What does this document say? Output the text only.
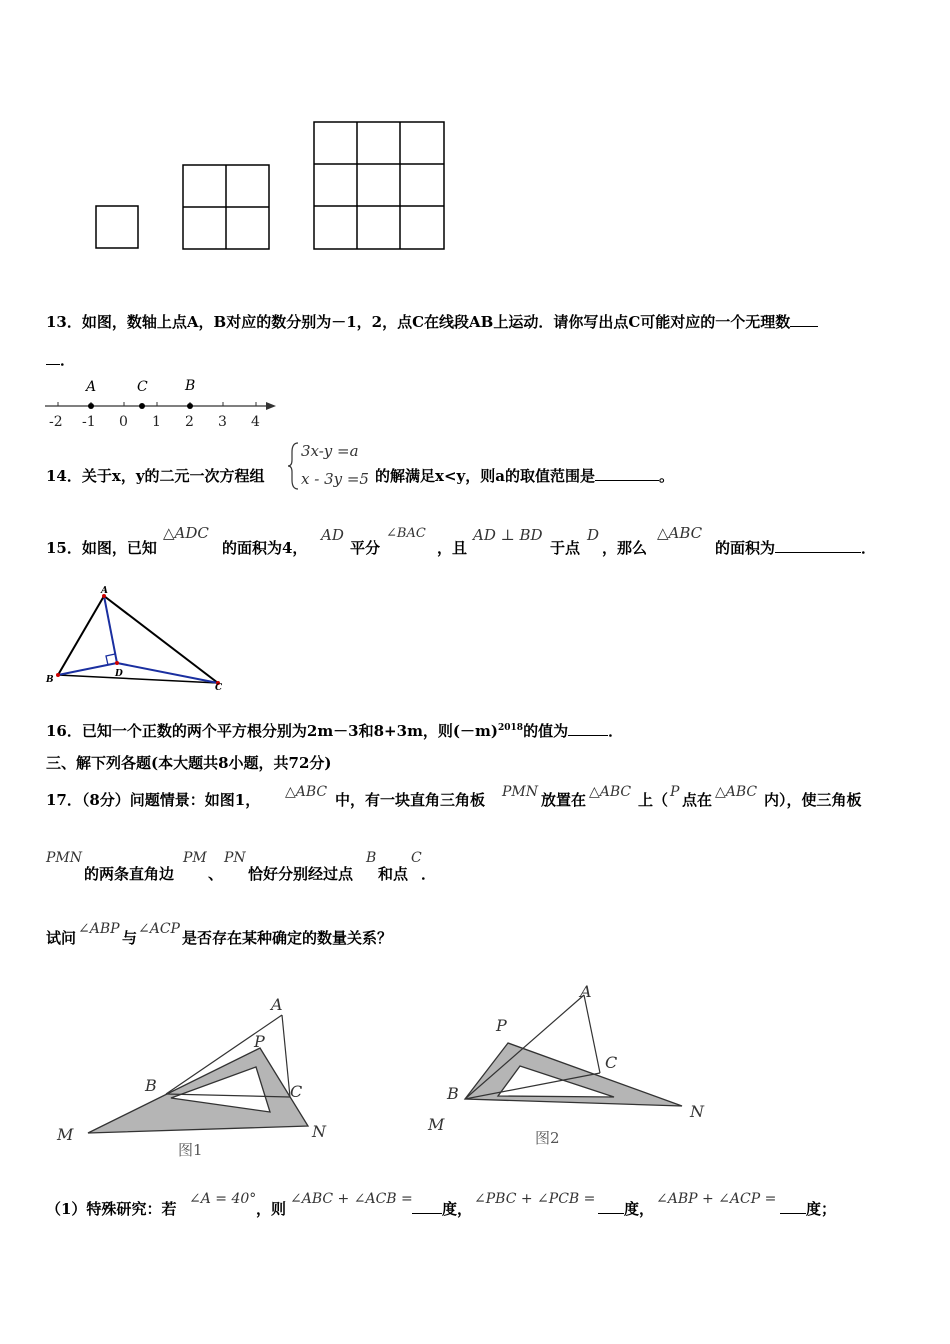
13．如图，数轴上点A，B对应的数分别为－1，2，点C在线段AB上运动．请你写出点C可能对应的一个无理数
．
A	C	B
-2 -1 0 1 2 3 4
14．关于x，y的二元一次方程组
3x-y =a
x - 3y =5 的解满足x<y，则a的取值范围是	。
15．如图，已知
△ADC
的面积为4，
AD
平分
∠BAC
，且
AD ⊥ BD
于点
D
，那么
△ABC
的面积为	．
A
B
D
C
16．已知一个正数的两个平方根分别为2m－3和8+3m，则$(-m)^{2018}$的值为	．
三、解下列各题(本大题共8小题，共72分)
17．（8分）问题情景：如图1， △ABC 中，有一块直角三角板 PMN 放置在 △ABC 上（ P 点在 △ABC 内），使三角板
PMN
的两条直角边
PM
、
PN
恰好分别经过点
B
和点
C
．
试问 ∠ABP 与 ∠ACP 是否存在某种确定的数量关系？
A
P
B	C
M	N
图1
A
P
C
B
M
N
图2
（1）特殊研究：若
∠A = 40°
，则
∠ABC + ∠ACB =
度，
∠PBC + ∠PCB =
度，
∠ABP + ∠ACP =
度；
